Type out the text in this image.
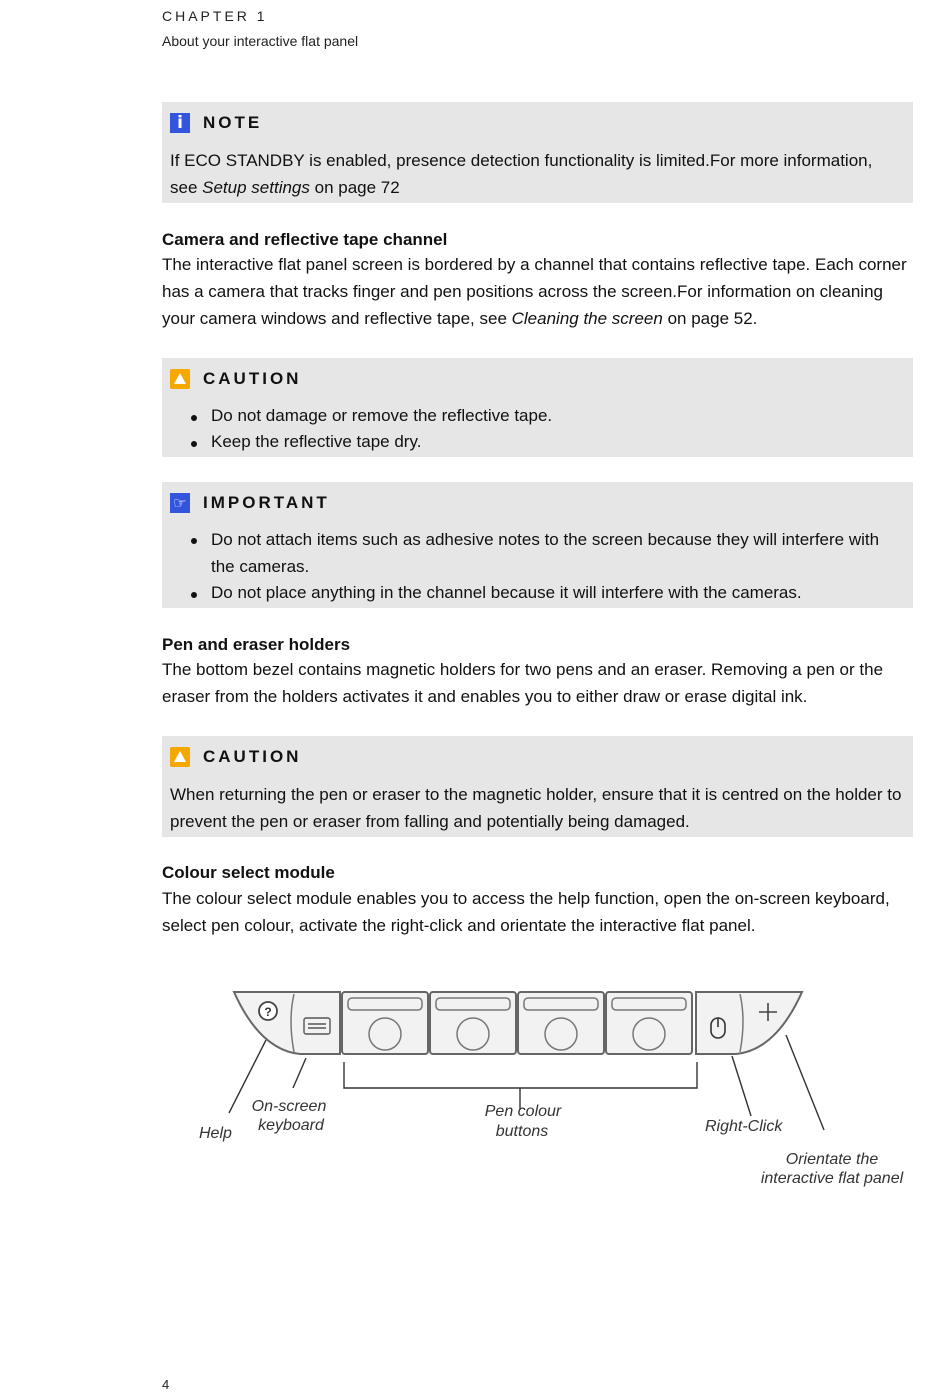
CHAPTER 1
About your interactive flat panel
i
NOTE
If ECO STANDBY is enabled, presence detection functionality is limited.For more information, see Setup settings on page 72
Camera and reflective tape channel
The interactive flat panel screen is bordered by a channel that contains reflective tape. Each corner has a camera that tracks finger and pen positions across the screen.For information on cleaning your camera windows and reflective tape, see Cleaning the screen on page 52.
CAUTION
Do not damage or remove the reflective tape.
Keep the reflective tape dry.
☞
IMPORTANT
Do not attach items such as adhesive notes to the screen because they will interfere with the cameras.
Do not place anything in the channel because it will interfere with the cameras.
Pen and eraser holders
The bottom bezel contains magnetic holders for two pens and an eraser. Removing a pen or the eraser from the holders activates it and enables you to either draw or erase digital ink.
CAUTION
When returning the pen or eraser to the magnetic holder, ensure that it is centred on the holder to prevent the pen or eraser from falling and potentially being damaged.
Colour select module
The colour select module enables you to access the help function, open the on-screen keyboard, select pen colour, activate the right-click and orientate the interactive flat panel.
?
Help
On-screen
keyboard
Pen colour
buttons	Right-Click
Orientate the
interactive flat panel
4
